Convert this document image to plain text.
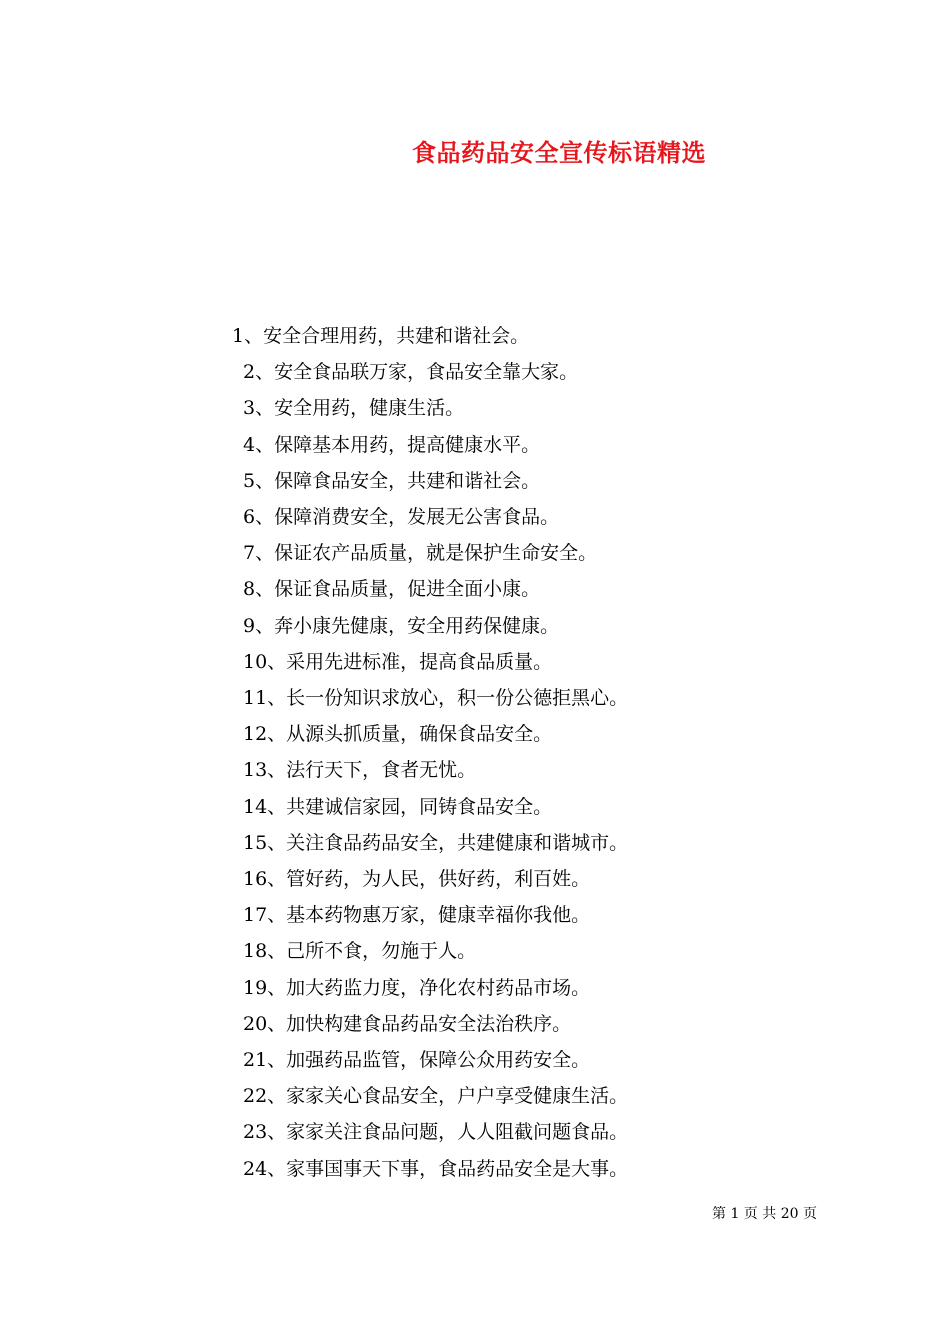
食品药品安全宣传标语精选
1、安全合理用药，共建和谐社会。
2、安全食品联万家，食品安全靠大家。
3、安全用药，健康生活。
4、保障基本用药，提高健康水平。
5、保障食品安全，共建和谐社会。
6、保障消费安全，发展无公害食品。
7、保证农产品质量，就是保护生命安全。
8、保证食品质量，促进全面小康。
9、奔小康先健康，安全用药保健康。
10、采用先进标准，提高食品质量。
11、长一份知识求放心，积一份公德拒黑心。
12、从源头抓质量，确保食品安全。
13、法行天下，食者无忧。
14、共建诚信家园，同铸食品安全。
15、关注食品药品安全，共建健康和谐城市。
16、管好药，为人民，供好药，利百姓。
17、基本药物惠万家，健康幸福你我他。
18、己所不食，勿施于人。
19、加大药监力度，净化农村药品市场。
20、加快构建食品药品安全法治秩序。
21、加强药品监管，保障公众用药安全。
22、家家关心食品安全，户户享受健康生活。
23、家家关注食品问题，人人阻截问题食品。
24、家事国事天下事，食品药品安全是大事。
第 1 页 共 20 页
